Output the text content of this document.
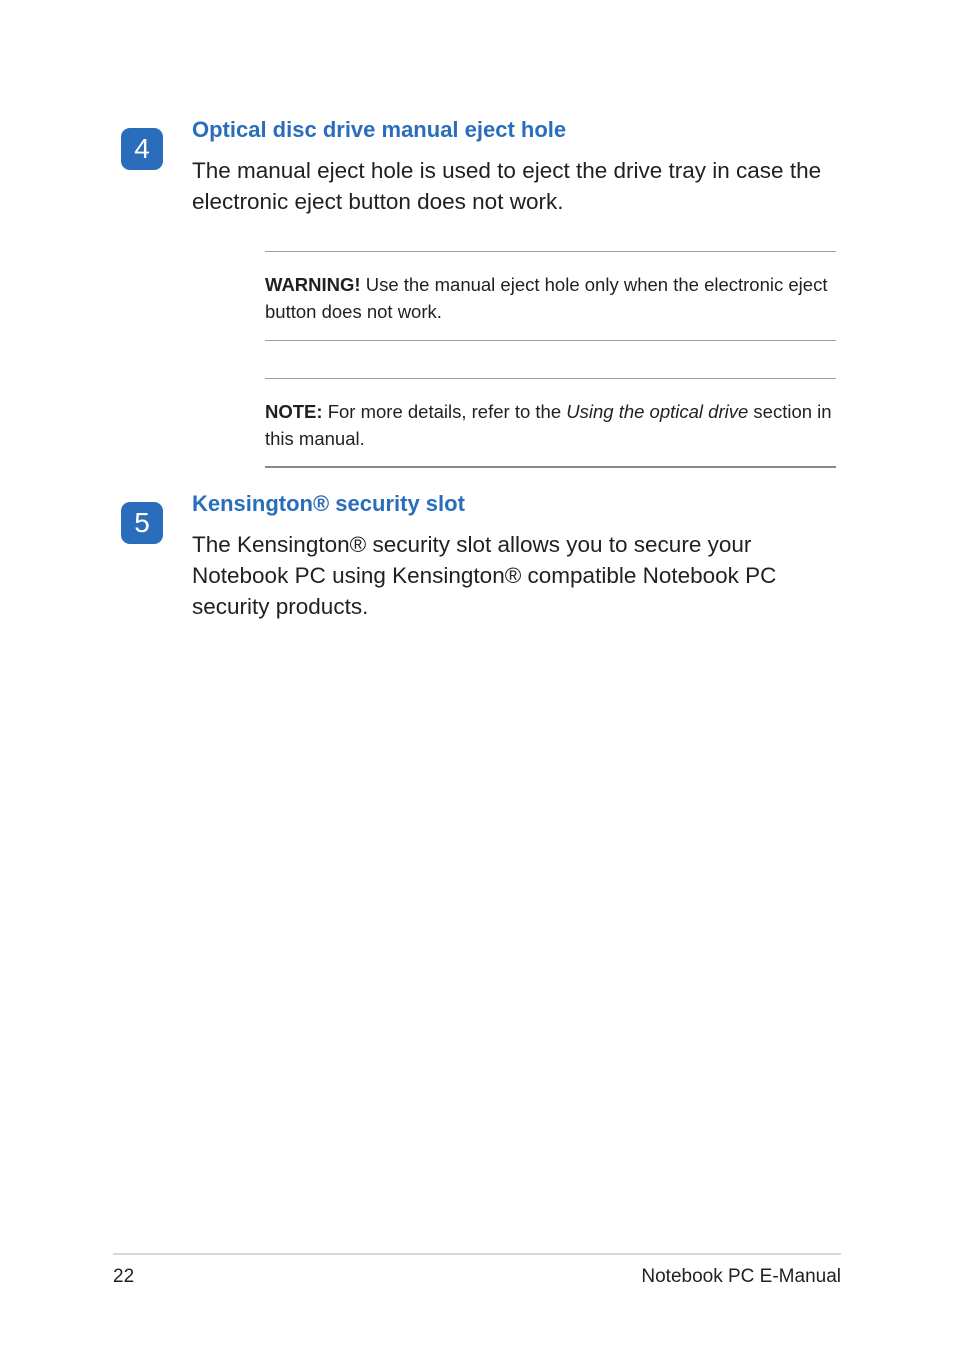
4
Optical disc drive manual eject hole

The manual eject hole is used to eject the drive tray in case the electronic eject button does not work.

WARNING! Use the manual eject hole only when the electronic eject button does not work.

NOTE: For more details, refer to the Using the optical drive section in this manual.

5
Kensington® security slot

The Kensington® security slot allows you to secure your Notebook PC using Kensington® compatible Notebook PC security products.

22	Notebook PC E-Manual
